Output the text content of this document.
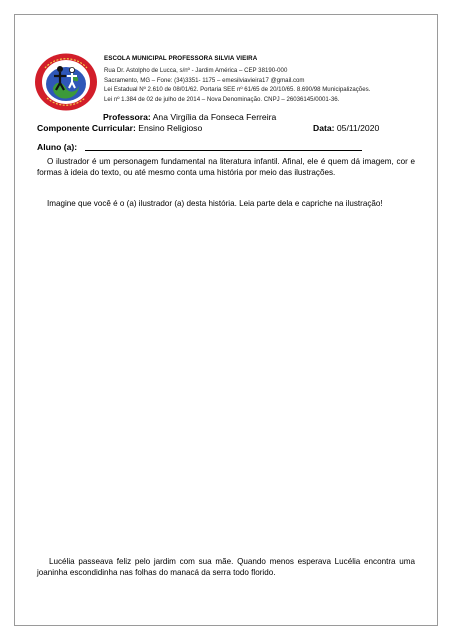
ESCOLA MUNICIPAL PROFESSORA SILVIA VIEIRA
Rua Dr. Astolpho de Lucca, s/nº - Jardim América – CEP 38190-000
Sacramento, MG – Fone: (34)3351- 1175 – emesilviavieira17 @gmail.com
Lei Estadual Nº 2.610 de 08/01/62. Portaria SEE nº 61/65 de 20/10/65. 8.690/98 Municipalizações.
Lei nº 1.384 de 02 de julho de 2014 – Nova Denominação. CNPJ – 26036145/0001-36.
Professora: Ana Virgília da Fonseca Ferreira
Componente Curricular: Ensino Religioso	Data: 05/11/2020
Aluno (a):
O ilustrador é um personagem fundamental na literatura infantil. Afinal, ele é quem dá imagem, cor e formas à ideia do texto, ou até mesmo conta uma história por meio das ilustrações.
Imagine que você é o (a) ilustrador (a) desta história. Leia parte dela e capriche na ilustração!
Lucélia passeava feliz pelo jardim com sua mãe. Quando menos esperava Lucélia encontra uma joaninha escondidinha nas folhas do manacá da serra todo florido.
